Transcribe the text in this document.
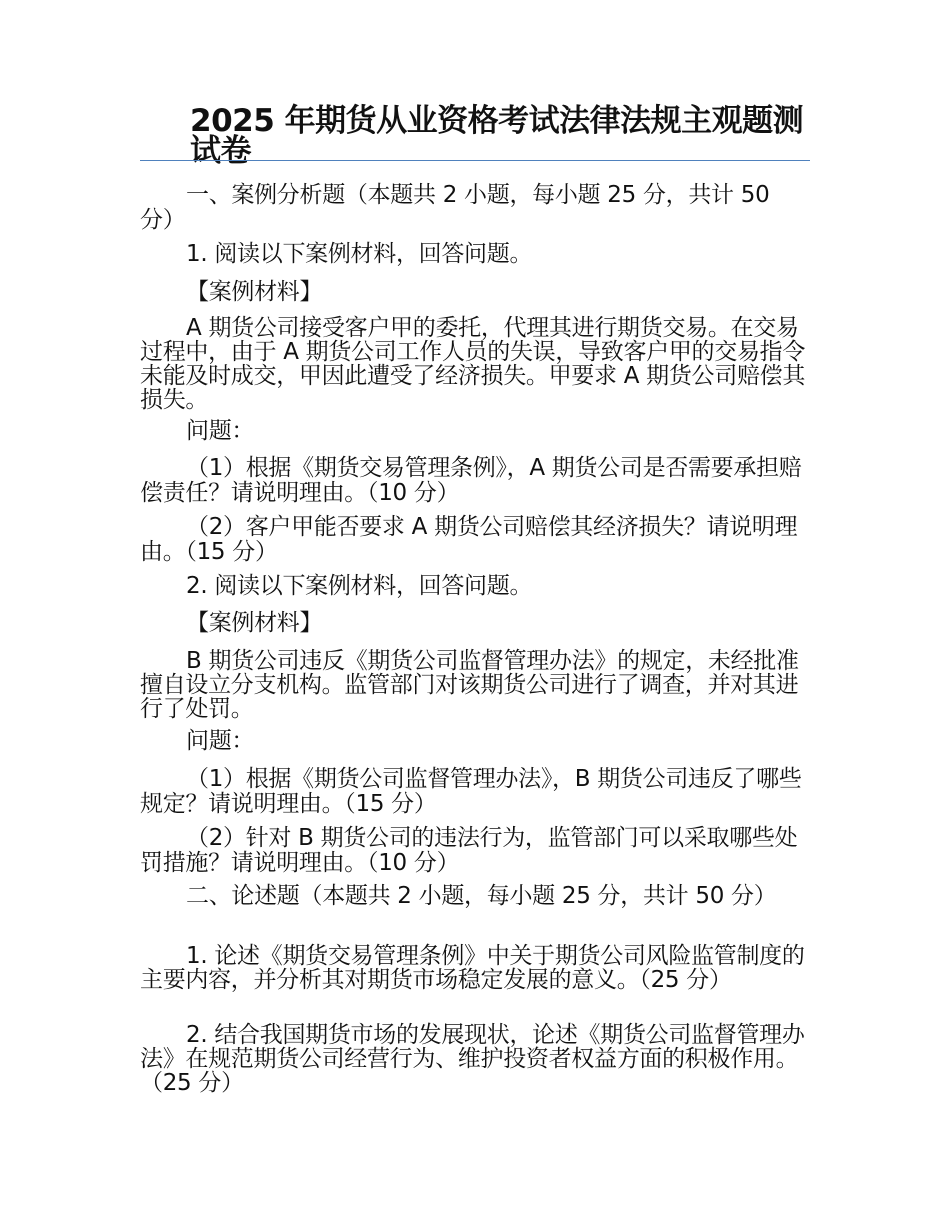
2025 年期货从业资格考试法律法规主观题测试卷
一、案例分析题（本题共 2 小题，每小题 25 分，共计 50 分）
1. 阅读以下案例材料，回答问题。
【案例材料】
A 期货公司接受客户甲的委托，代理其进行期货交易。在交易过程中，由于 A 期货公司工作人员的失误，导致客户甲的交易指令未能及时成交，甲因此遭受了经济损失。甲要求 A 期货公司赔偿其损失。
问题：
（1）根据《期货交易管理条例》，A 期货公司是否需要承担赔偿责任？请说明理由。（10 分）
（2）客户甲能否要求 A 期货公司赔偿其经济损失？请说明理由。（15 分）
2. 阅读以下案例材料，回答问题。
【案例材料】
B 期货公司违反《期货公司监督管理办法》的规定，未经批准擅自设立分支机构。监管部门对该期货公司进行了调查，并对其进行了处罚。
问题：
（1）根据《期货公司监督管理办法》，B 期货公司违反了哪些规定？请说明理由。（15 分）
（2）针对 B 期货公司的违法行为，监管部门可以采取哪些处罚措施？请说明理由。（10 分）
二、论述题（本题共 2 小题，每小题 25 分，共计 50 分）
1. 论述《期货交易管理条例》中关于期货公司风险监管制度的主要内容，并分析其对期货市场稳定发展的意义。（25 分）
2. 结合我国期货市场的发展现状，论述《期货公司监督管理办法》在规范期货公司经营行为、维护投资者权益方面的积极作用。（25 分）
